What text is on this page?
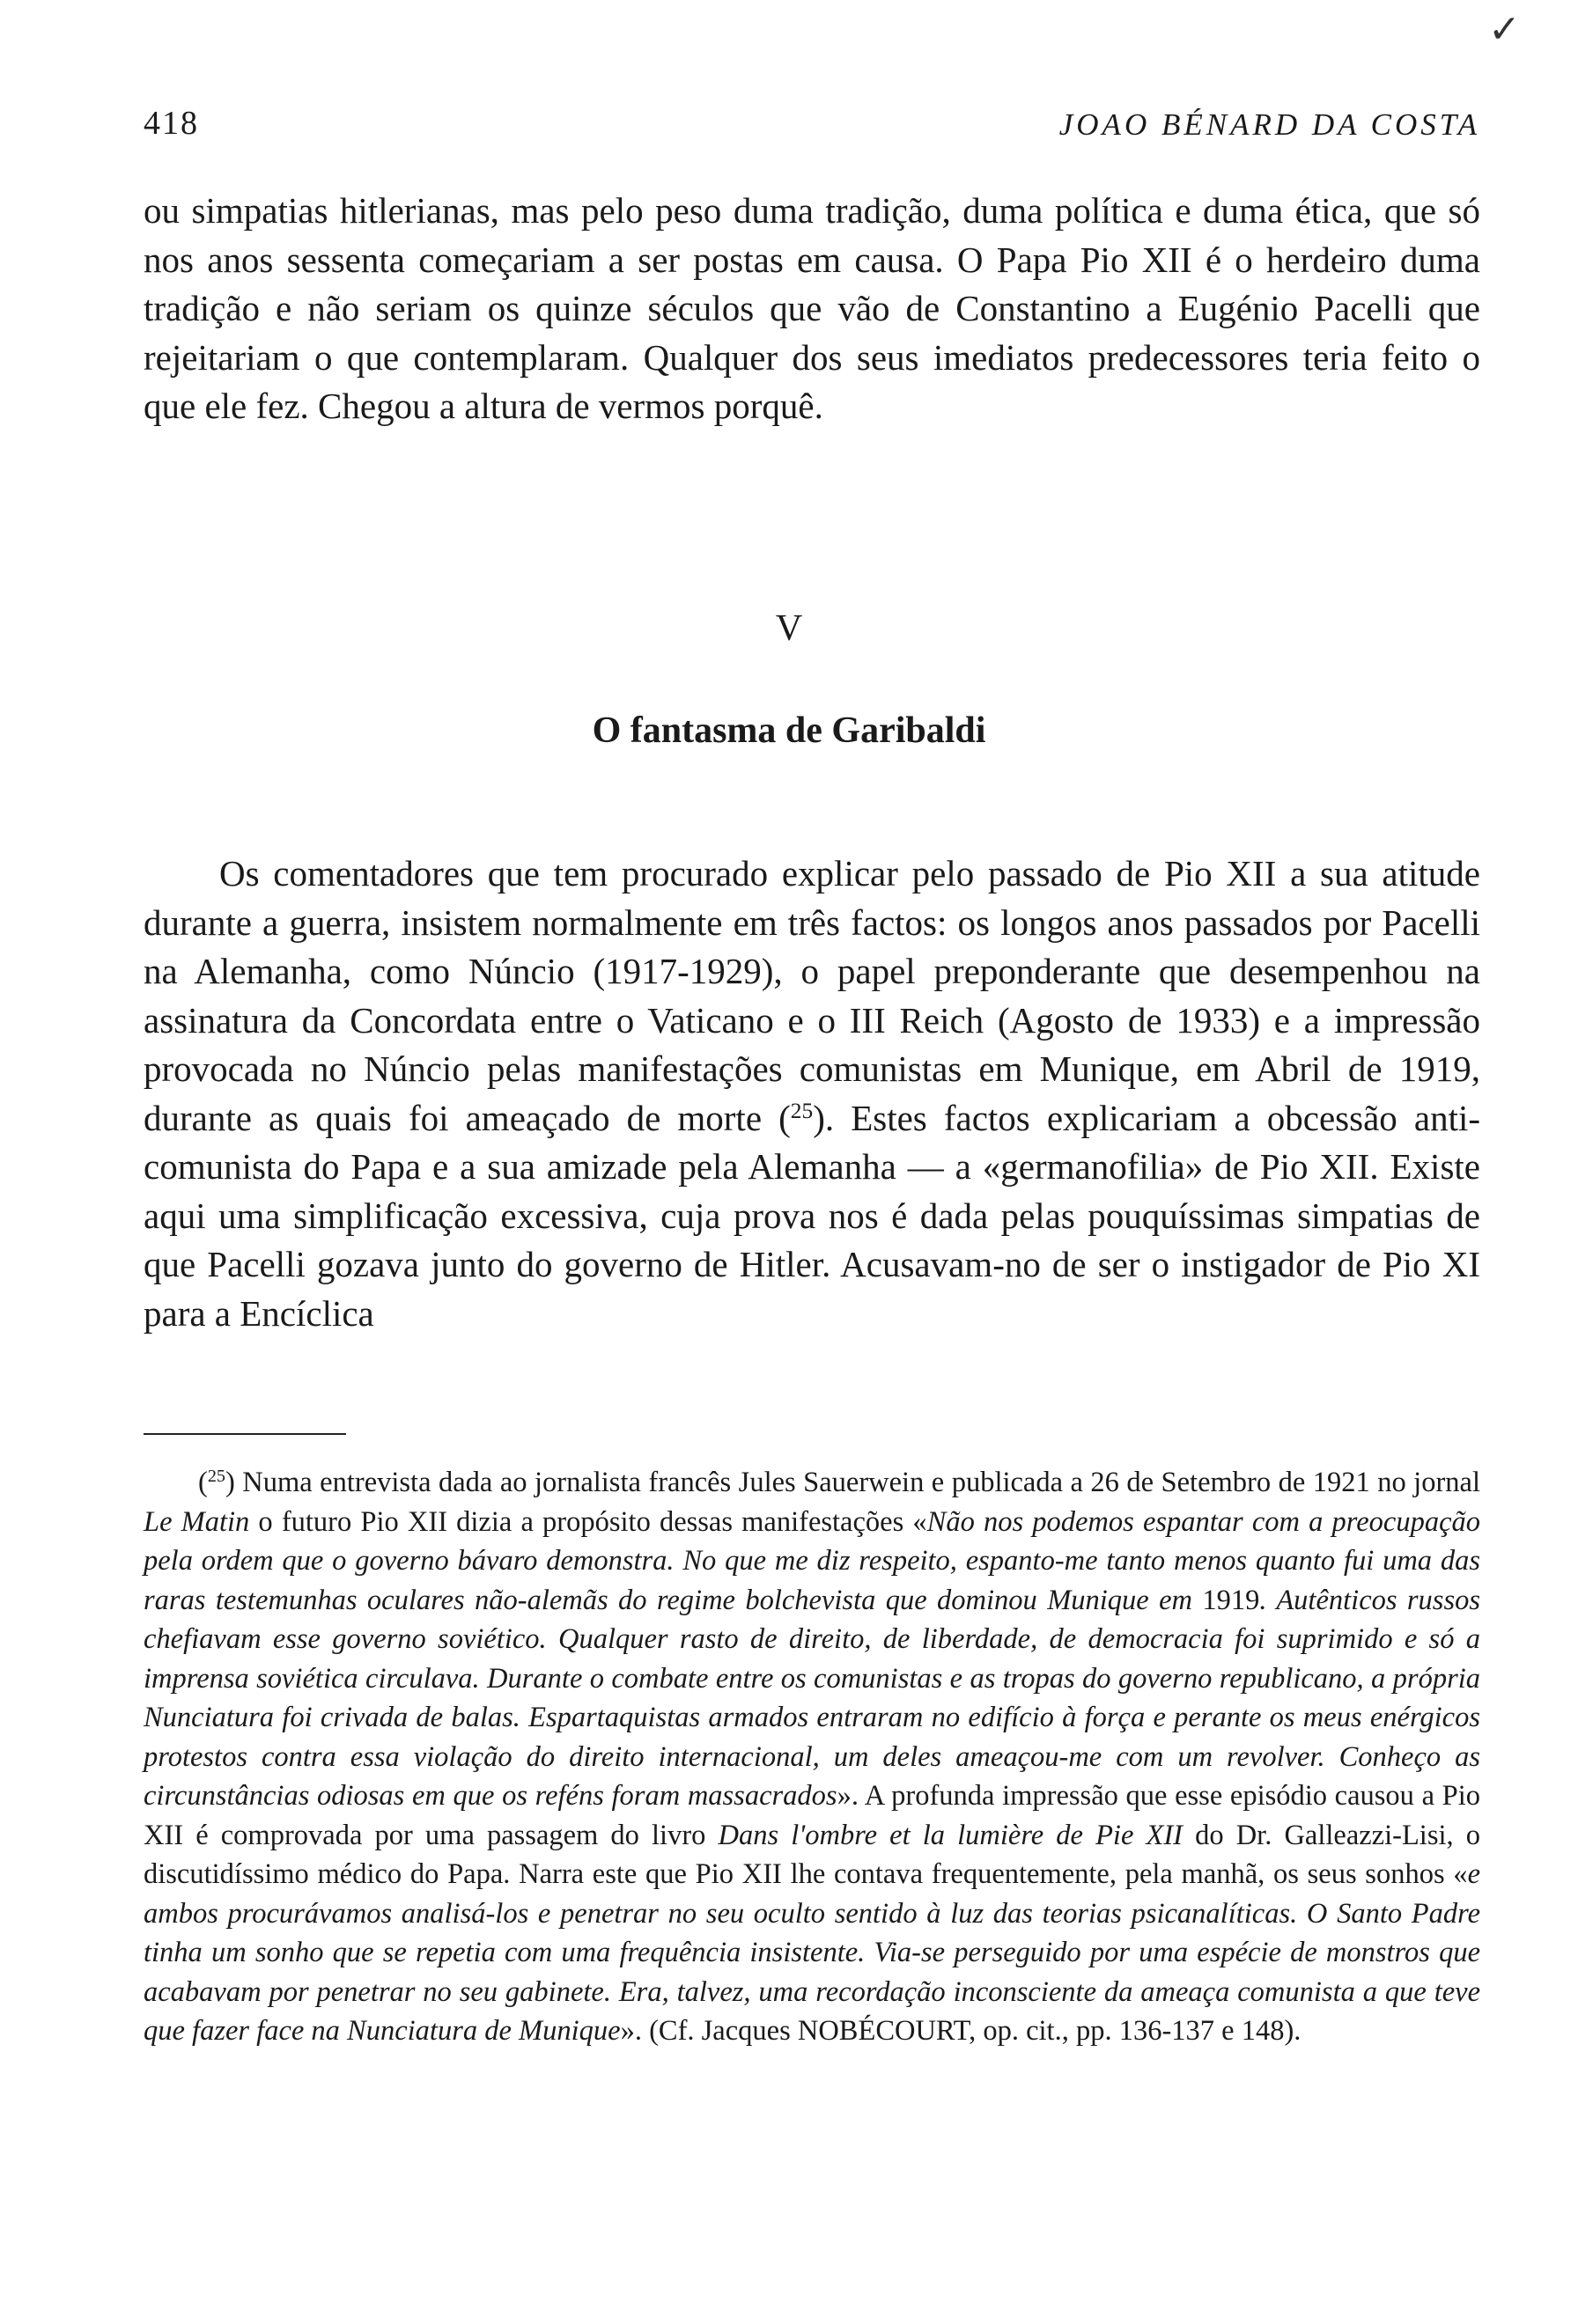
✓
418	JOAO BÉNARD DA COSTA

ou simpatias hitlerianas, mas pelo peso duma tradição, duma política e duma ética, que só nos anos sessenta começariam a ser postas em causa. O Papa Pio XII é o herdeiro duma tradição e não seriam os quinze séculos que vão de Constantino a Eugénio Pacelli que rejeitariam o que contemplaram. Qualquer dos seus imediatos predecessores teria feito o que ele fez. Chegou a altura de vermos porquê.

V
O fantasma de Garibaldi

Os comentadores que tem procurado explicar pelo passado de Pio XII a sua atitude durante a guerra, insistem normalmente em três factos: os longos anos passados por Pacelli na Alemanha, como Núncio (1917-1929), o papel preponderante que desempenhou na assinatura da Concordata entre o Vaticano e o III Reich (Agosto de 1933) e a impressão provocada no Núncio pelas manifestações comunistas em Munique, em Abril de 1919, durante as quais foi ameaçado de morte ($^{25}$). Estes factos explicariam a obcessão anti-comunista do Papa e a sua amizade pela Alemanha — a «germanofilia» de Pio XII. Existe aqui uma simplificação excessiva, cuja prova nos é dada pelas pouquíssimas simpatias de que Pacelli gozava junto do governo de Hitler. Acusavam-no de ser o instigador de Pio XI para a Encíclica

($^{25}$) Numa entrevista dada ao jornalista francês Jules Sauerwein e publicada a 26 de Setembro de 1921 no jornal Le Matin o futuro Pio XII dizia a propósito dessas manifestações «Não nos podemos espantar com a preocupação pela ordem que o governo bávaro demonstra. No que me diz respeito, espanto-me tanto menos quanto fui uma das raras testemunhas oculares não-alemãs do regime bolchevista que dominou Munique em 1919. Autênticos russos chefiavam esse governo soviético. Qualquer rasto de direito, de liberdade, de democracia foi suprimido e só a imprensa soviética circulava. Durante o combate entre os comunistas e as tropas do governo republicano, a própria Nunciatura foi crivada de balas. Espartaquistas armados entraram no edifício à força e perante os meus enérgicos protestos contra essa violação do direito internacional, um deles ameaçou-me com um revolver. Conheço as circunstâncias odiosas em que os reféns foram massacrados». A profunda impressão que esse episódio causou a Pio XII é comprovada por uma passagem do livro Dans l'ombre et la lumière de Pie XII do Dr. Galleazzi-Lisi, o discutidíssimo médico do Papa. Narra este que Pio XII lhe contava frequentemente, pela manhã, os seus sonhos «e ambos procurávamos analisá-los e penetrar no seu oculto sentido à luz das teorias psicanalíticas. O Santo Padre tinha um sonho que se repetia com uma frequência insistente. Via-se perseguido por uma espécie de monstros que acabavam por penetrar no seu gabinete. Era, talvez, uma recordação inconsciente da ameaça comunista a que teve que fazer face na Nunciatura de Munique». (Cf. Jacques NOBÉCOURT, op. cit., pp. 136-137 e 148).
